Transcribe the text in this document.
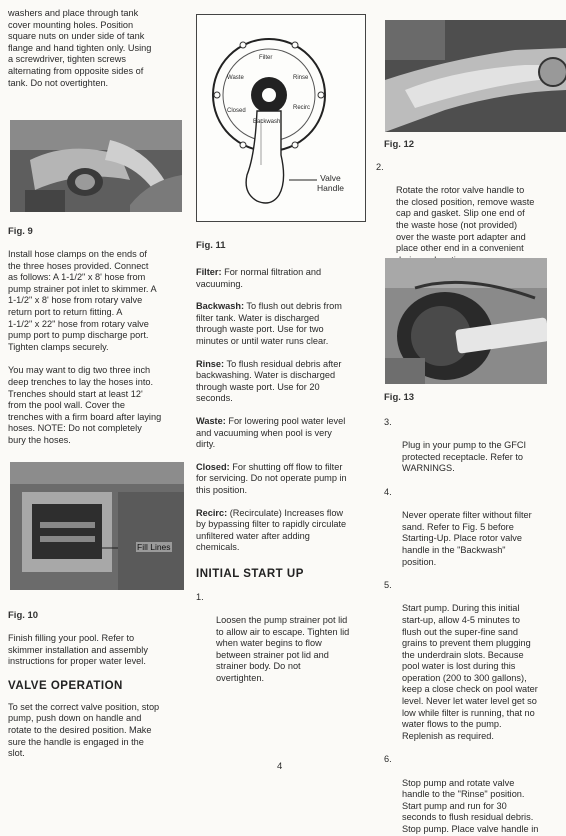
washers and place through tank
cover mounting holes. Position
square nuts on under side of tank
flange and hand tighten only. Using
a screwdriver, tighten screws
alternating from opposite sides of
tank. Do not overtighten.

Fig. 9

Install hose clamps on the ends of
the three hoses provided. Connect
as follows: A 1-1/2" x 8' hose from
pump strainer pot inlet to skimmer. A
1-1/2" x 8' hose from rotary valve
return port to return fitting. A
1-1/2" x 22" hose from rotary valve
pump port to pump discharge port.
Tighten clamps securely.

You may want to dig two three inch
deep trenches to lay the hoses into.
Trenches should start at least 12'
from the pool wall. Cover the
trenches with a firm board after laying
hoses. NOTE: Do not completely
bury the hoses.

Fill Lines

Fig. 10

Finish filling your pool. Refer to
skimmer installation and assembly
instructions for proper water level.

VALVE OPERATION

To set the correct valve position, stop
pump, push down on handle and
rotate to the desired position. Make
sure the handle is engaged in the
slot.

Filter
Rinse
Recirc
Backwash
Closed
Waste
Valve
Handle

Fig. 11

Filter: For normal filtration and
vacuuming.

Backwash: To flush out debris from
filter tank. Water is discharged
through waste port. Use for two
minutes or until water runs clear.

Rinse: To flush residual debris after
backwashing. Water is discharged
through waste port. Use for 20
seconds.

Waste: For lowering pool water level
and vacuuming when pool is very
dirty.

Closed: For shutting off flow to filter
for servicing. Do not operate pump in
this position.

Recirc: (Recirculate) Increases flow
by bypassing filter to rapidly circulate
unfiltered water after adding
chemicals.

INITIAL START UP

1.

Loosen the pump strainer pot lid
to allow air to escape. Tighten lid
when water begins to flow
between strainer pot lid and
strainer body. Do not
overtighten.

4

Fig. 12

2.

Rotate the rotor valve handle to
the closed position, remove waste
cap and gasket. Slip one end of
the waste hose (not provided)
over the waste port adapter and
place other end in a convenient

Fig. 13

3.

Plug in your pump to the GFCI
protected receptacle. Refer to
WARNINGS.

4.

Never operate filter without filter
sand. Refer to Fig. 5 before
Starting-Up. Place rotor valve
handle in the "Backwash"
position.

5.

Start pump. During this initial
start-up, allow 4-5 minutes to
flush out the super-fine sand
grains to prevent them plugging
the underdrain slots. Because
pool water is lost during this
operation (200 to 300 gallons),
keep a close check on pool water
level. Never let water level get so
low while filter is running, that no
water flows to the pump.
Replenish as required.

6.

Stop pump and rotate valve
handle to the "Rinse" position.
Start pump and run for 30
seconds to flush residual debris.
Stop pump. Place valve handle in
